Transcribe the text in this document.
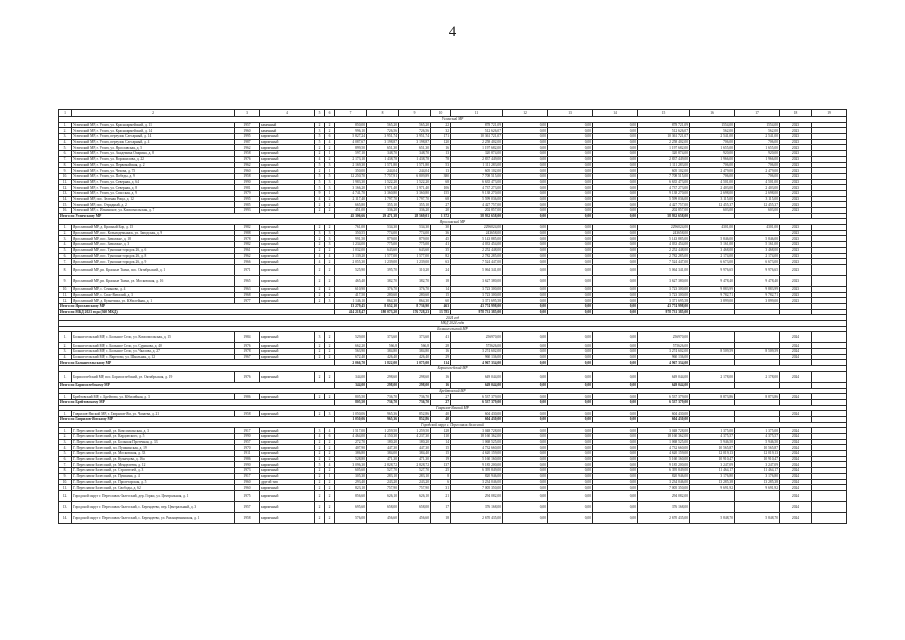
4
1	2	3	4	5	6	7	8	9	10	11	12	13	14	15	16	17	18	19
Угличский МР																		
1.	Угличский МР, г. Углич, ул. Красноармейский, д. 11	1957	каменный	2	2	850,00	565,20	565,20	22	878 721,09	0,00	0,00	0,00	878 721,09	1554,00	1554,00	2023	
2.	Угличский МР, г. Углич, ул. Красноармейский, д. 14	1960	каменный	3	2	996,10	726,56	726,56	32	512 626,07	0,00	0,00	0,00	512 626,07	562,00	562,00	2023	
3.	Угличский МР, г. Углич, переулок Слесарный, д. 14	1995	кирпичный	5	6	5 827,24	3 951,74	3 951,74	171	10 361 721,07	0,00	0,00	0,00	10 361 721,07	2 541,00	2 541,00	2023	
4.	Угличский МР, г. Углич, переулок Слесарный, д. 4	1987	кирпичный	5	4	4 087,67	3 198,87	3 198,87	120	2 258 402,00	0,00	0,00	0,00	2 258 402,00	706,00	706,00	2023	
5.	Угличский МР, г. Углич, ул. Ярославская, д. 5	1962	кирпичный	2	2	899,50	651,30	651,30	16	1 197 682,00	0,00	0,00	0,00	1 197 682,00	1 655,00	1 655,00	2023	
6.	Угличский МР, г. Углич, ул. Академика Опарина, д. 8	1958	кирпичный	2	1	597,10	348,70	348,70	13	320 874,00	0,00	0,00	0,00	320 874,00	920,00	920,00	2023	
7.	Угличский МР, г. Углич, ул. Ворошилова, д. 22	1976	кирпичный	4	2	2 173,10	1 438,78	1 438,78	78	2 837 449,00	0,00	0,00	0,00	2 837 449,00	1 966,00	1 966,00	2023	
8.	Угличский МР, г. Углич, ул. Первомайская, д. 2	1962	кирпичный	5	3	2 169,30	1 571,80	1 571,80	53	1 111 283,00	0,00	0,00	0,00	1 111 283,00	706,00	706,00	2023	
9.	Угличский МР, г. Углич, ул. Чехова, д. 75	1960	кирпичный	2	1	350,00	244,04	244,04	13	605 102,00	0,00	0,00	0,00	605 102,00	2 479,00	2 479,00	2023	
10.	Угличский МР, г. Углич, ул. Победы, д. 9	1958	кирпичный	5	5	12 250,70	7 757,91	6 809,89	380	7 708 515,00	0,00	0,00	0,00	7 708 515,00	706,00	706,00	2023	
11.	Угличский МР, г. Углич, ул. Северная, д. 64	1990	кирпичный	5	3	1 983,30	1 522,20	1 522,20	68	6 635 473,00	0,00	0,00	0,00	6 635 473,00	4 501,00	4 501,00	2023	
12.	Угличский МР, г. Углич, ул. Северная, д. 8	1981	кирпичный	5	3	3 166,20	1 971,40	1 971,40	106	4 737 273,00	0,00	0,00	0,00	4 737 273,00	2 403,00	2 403,00	2023	
13.	Угличский МР, г. Углич, ул. Спасская, д. 9	1979	кирпичный	9	1	4 741,70	3 360,80	3 360,80	155	9 138 270,00	0,00	0,00	0,00	9 138 270,00	2 698,00	2 698,00	2023	
14.	Угличский МР, пос. Зеленая Роща, д. 12	1995	кирпичный	4	2	2 117,40	1 797,70	1 797,70	68	5 599 036,00	0,00	0,00	0,00	5 599 036,00	3 115,00	3 115,00	2023	
15.	Угличский МР, пос. Отрадный, д. 2	1985	кирпичный	2	2	665,80	355,10	355,10	27	4 427 757,00	0,00	0,00	0,00	4 427 757,00	12 455,37	12 455,37	2023	
16.	Угличский МР, с. Ильинское, ул. Комсомольская, д. 7	1993	кирпичный	2	2	451,00	336,20	336,20	20	202 857,00	0,00	0,00	0,00	202 857,00	603,00	603,00	2023	
Итого по Угличскому МР						45 306,66	29 471,38	28 569,01	1 372	58 932 658,00	0,00	0,00	0,00	58 932 658,00				
Ярославский МР																		
1.	Ярославский МР, д. Красный Бор, д. 15	1982	кирпичный	2	2	761,00	534,30	534,30	30	2296024,00	0,00	0,00	0,00	2296024,00	4301,00	4301,00	2023	
2.	Ярославский МР, пос. Козьмодемьянск, ул. Заводская, д. 9	1988	кирпичный	3	3	350,55	774,00	774,00	36	243658,00	0,00	0,00	0,00	243658,00			2023	
3.	Ярославский МР, пос. Заволжье, д. 18	1978	кирпичный	2	3	991,50	879,00	879,00	45	5 143 885,00	0,00	0,00	0,00	5 143 885,00	5 846,00	5 846,00	2023	
4.	Ярославский МР, пос. Заволжье, д. 3	1982	кирпичный	2	3	1 234,00	775,00	775,00	41	4 033 454,00	0,00	0,00	0,00	4 033 454,00	5 161,00	5 161,00	2023	
5.	Ярославский МР, пос. Туношна-городок 26, д. 6	1961	кирпичный	2	2	1 032,00	643,60	643,60	35	2 252 448,00	0,00	0,00	0,00	2 252 448,00	3 468,00	3 468,00	2023	
6.	Ярославский МР, пос. Туношна-городок 26, д. 8	1962	кирпичный	4	4	3 139,20	1 577,00	1 577,00	82	2 782 285,00	0,00	0,00	0,00	2 782 285,00	2 174,00	2 174,00	2023	
7.	Ярославский МР, пос. Туношна-городок 26, д. 9	1966	кирпичный	4	2	2 055,30	1 239,00	1 239,00	63	7 524 447,00	0,00	0,00	0,00	7 524 447,00	6 673,00	6 673,00	2023	
8.	Ярославский МР, рп. Красные Ткачи, пос. Октябрьский, д. 1	1971	кирпичный	2	2	525,90	395,70	310,20	24	5 064 341,00	0,00	0,00	0,00	5 064 341,00	9 976,65	9 976,65	2023	
9.	Ярославский МР, рп. Красные Ткачи, ул. Московская, д. 16	1965	кирпичный	2	2	465,40	382,70	382,70	18	3 627 380,00	0,00	0,00	0,00	3 627 380,00	9 478,40	9 478,40	2023	
10.	Ярославский МР, с. Сеньково, д. 4	1963	кирпичный	2	2	610,90	376,70	376,70	14	3 723 300,00	0,00	0,00	0,00	3 723 300,00	9 883,99	9 883,99	2023	
11.	Ярославский МР, с. Спас-Виталий, д. 3	1968	кирпичный	2	2	417,50	280,60	280,60	15	3 723 300,00	0,00	0,00	0,00	3 723 300,00	9 782,71	9 782,71	2023	
12.	Ярославский МР, д. Кузнечиха, ул. Юбилейная, д. 1	1977	кирпичный	2	3	1 146,10	864,30	864,30	60	3 371 695,58	0,00	0,00	0,00	3 371 695,58	3 899,00	3 899,00	2023	
Итого по Ярославскому МР						13 279,45	8 652,10	8 736,90	463	43 774 998,00	0,00	0,00	0,00	43 774 998,00				
Итого по МКД 2023 года (360 МКД)						414 218,47	180 073,20	176 728,23	13 785	978 731 385,00	0,00	0,00	0,00	978 731 385,00				
2024 год																		
МКД 2024 года																		
Большесельский МР																		
1.	Большесельский МР, с. Большое Село, ул. Комсомольская, д. 15	1984	кирпичный	3	2	529,00	373,60	373,60	41	256970,00	0,00	0,00	0,00	256970,00			2024	
2.	Большесельский МР, с. Большое Село, ул. Сурикова, д. 40	1976	кирпичный	2	2	662,20	566,8	566,8	28	575626,00	0,00	0,00	0,00	575626,00			2024	
3.	Большесельский МР, с. Большое Село, ул. Чкалова, д. 27	1978	кирпичный	2	2	563,90	384,80	384,80	16	3 274 602,00	0,00	0,00	0,00	3 274 602,00	8 509,59	8 509,59	2024	
4.	Большесельский МР, с. Варегово, ул. Школьная, д. 12	1967	кирпичный	2	2	672,40	426,40	426,40	29	960 136,00	0,00	0,00	0,00	960 136,00			2024	
Итого по Большесельскому МР						2 066,70	1 822,00	1 075,00	114	4 967 334,00	0,00	0,00	0,00	4 967 334,00				
Борисоглебский МР																		
1.	Борисоглебский МР, пос. Борисоглебский, ул. Октябрьская, д. 19	1976	кирпичный	2	2	344,00	298,60	298,60	16	649 044,00	0,00	0,00	0,00	649 044,00	2 178,00	2 178,00	2024	
Итого по Борисоглебскому МР						344,00	298,00	298,00	16	649 044,00	0,00	0,00	0,00	649 044,00				
Брейтовский МР																		
1.	Брейтовский МР, с. Брейтово, ул. Юбилейная, д. 3	1986	кирпичный	2	2	805,50	736,70	736,70	27	6 537 379,00	0,00	0,00	0,00	6 537 379,00	8 873,86	8 873,86	2024	
Итого по Брейтовскому МР						805,50	736,70	736,70	27	6 537 379,00	0,00	0,00	0,00	6 537 379,00				
Гаврилов-Ямский МР																		
1.	Гаврилов-Ямский МР, г. Гаврилов-Ям, ул. Чапаева, д. 21	1958	кирпичный	2	3	1 050,06	965,36	852,86	40	604 430,00	0,00	0,00	0,00	604 430,00			2024	
Итого по Гаврилов-Ямскому МР						1 050,06	965,36	852,86	40	604 430,00	0,00	0,00	0,00	604 430,00				
Городской округ г. Переславль-Залесский																		
1.	Г. Переславль-Залесский, ул. Комсомольская, д. 3	1917	кирпичный	3	4	1 517,00	1 259,50	1 259,50	128	3 048 728,00	0,00	0,00	0,00	3 048 728,00	1 375,00	1 375,00	2024	
2.	Г. Переславль-Залесский, ул. Кардовского, д. 5	1990	кирпичный	4	6	4 464,00	4 150,30	4 237,30	110	18 160 362,00	0,00	0,00	0,00	18 160 362,00	4 375,57	4 375,57	2024	
3.	Г. Переславль-Залесский, ул. Большая Протечная, д. 33	1957	кирпичный	2	2	272,70	180,20	180,20	14	1 068 525,00	0,00	0,00	0,00	1 068 525,00	5 946,50	5 946,50	2024	
4.	Г. Переславль-Залесский, пл. Пушкинская, д. 19	1970	кирпичный	2	2	407,90	447,30	447,30	15	4 732 660,00	0,00	0,00	0,00	4 732 660,00	10 565,87	10 565,87	2024	
5.	Г. Переславль-Залесский, ул. Московская, д. 33	1911	кирпичный	2	2	386,80	384,00	384,40	15	4 620 159,00	0,00	0,00	0,00	4 620 159,00	12 019,13	12 019,13	2024	
6.	Г. Переславль-Залесский, ул. Кузнецова, д. 16а	1986	кирпичный	2	2	528,80	471,30	471,30	19	5 160 160,00	0,00	0,00	0,00	5 160 160,00	10 910,47	10 910,47	2024	
7.	Г. Переславль-Залесский, ул. Менделеева, д. 12	1990	кирпичный	5	4	3 096,30	2 828,72	2 828,72	137	9 185 200,00	0,00	0,00	0,00	9 185 200,00	3 247,09	3 247,09	2024	
8.	Г. Переславль-Залесский, ул. Строителей, д. 3	1973	кирпичный	2	2	605,60	527,70	527,70	25	6 395 849,00	0,00	0,00	0,00	6 395 849,00	11 464,17	11 464,17	2024	
9.	Г. Переславль-Залесский, ул. Пушкина, д. 4	1917	кирпичный	2	1	305,30	283,10	283,10	8	820 946,00	0,00	0,00	0,00	820 946,00	3 176,80	3 176,80	2024	
10.	Г. Переславль-Залесский, ул. Пролетарская, д. 5	1960	другой тип	2	2	293,40	243,20	243,20	6	3 234 046,00	0,00	0,00	0,00	3 234 046,00	13 285,38	13 285,38	2024	
11.	Г. Переславль-Залесский, ул. Свободы, д. 62	1960	кирпичный	2	2	823,10	757,90	757,90	31	7 005 350,00	0,00	0,00	0,00	7 005 350,00	9 691,92	9 691,92	2024	
12.	Городской округ г. Переславль-Залесский, дер. Горки, ул. Центральная, д. 1	1975	кирпичный	2	2	856,60	626,10	626,10	21	294 082,00	0,00	0,00	0,00	294 082,00			2024	
13.	Городской округ г. Переславль-Залесский, с. Берендеево, пер. Центральный, д. 3	1957	кирпичный	2	2	695,60	658,00	658,00	17	376 168,00	0,00	0,00	0,00	376 168,00			2024	
14.	Городской округ г. Переславль-Залесский, с. Берендеево, ул. Рязанцевнинская, д. 1	1958	кирпичный	2	2	576,00	456,60	456,60	18	2 670 435,00	0,00	0,00	0,00	2 670 435,00	5 848,70	5 848,70	2024	
